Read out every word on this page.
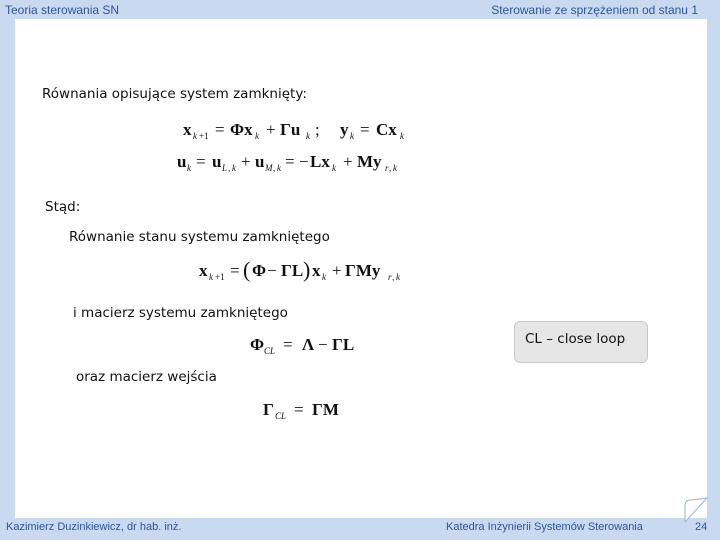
Teoria sterowania SN	Sterowanie ze sprzężeniem od stanu 1
Równania opisujące system zamknięty:
x k +1 = Φx k + Γu k ; y k = Cx k
u k = u L , k + u M , k = − Lx k + My r , k
Stąd:
Równanie stanu systemu zamkniętego
x k +1 = ( Φ − ΓL ) x k + ΓMy r , k
i macierz systemu zamkniętego
Φ CL = Λ − ΓL	CL – close loop
oraz macierz wejścia
Γ CL = ΓM
Kazimierz Duzinkiewicz, dr hab. inż.	Katedra Inżynierii Systemów Sterowania	24
